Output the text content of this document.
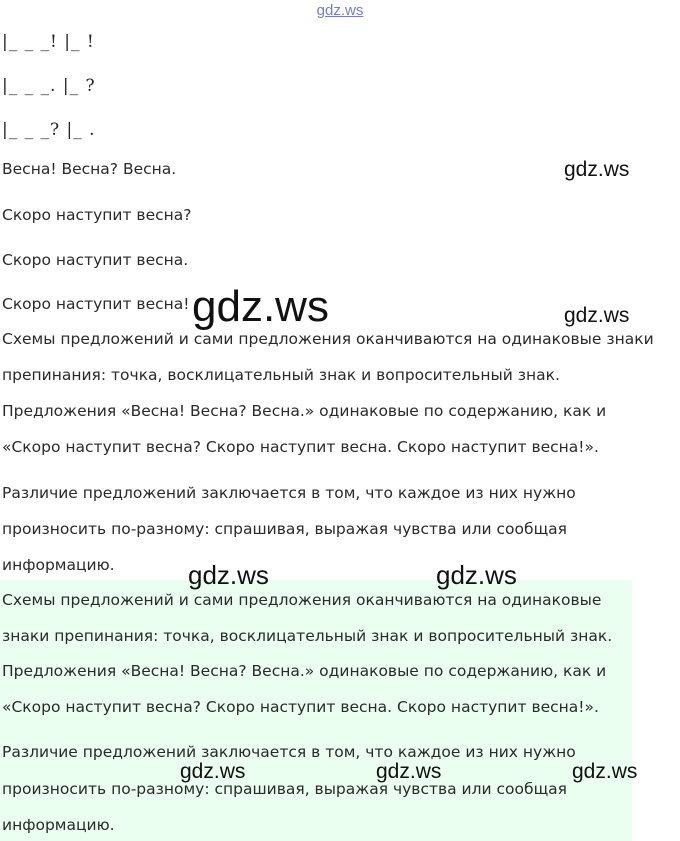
gdz.ws
|_ _ _! |_ !
|_ _ _. |_ ?
|_ _ _? |_ .
Весна! Весна? Весна.
Скоро наступит весна?
Скоро наступит весна.
Скоро наступит весна!
Схемы предложений и сами предложения оканчиваются на одинаковые знаки
препинания: точка, восклицательный знак и вопросительный знак.
Предложения «Весна! Весна? Весна.» одинаковые по содержанию, как и
«Скоро наступит весна? Скоро наступит весна. Скоро наступит весна!».
Различие предложений заключается в том, что каждое из них нужно
произносить по-разному: спрашивая, выражая чувства или сообщая
информацию.
Схемы предложений и сами предложения оканчиваются на одинаковые
знаки препинания: точка, восклицательный знак и вопросительный знак.
Предложения «Весна! Весна? Весна.» одинаковые по содержанию, как и
«Скоро наступит весна? Скоро наступит весна. Скоро наступит весна!».
Различие предложений заключается в том, что каждое из них нужно
произносить по-разному: спрашивая, выражая чувства или сообщая
информацию.
gdz.ws
gdz.ws	gdz.ws
gdz.ws	gdz.ws
gdz.ws	gdz.ws	gdz.ws
